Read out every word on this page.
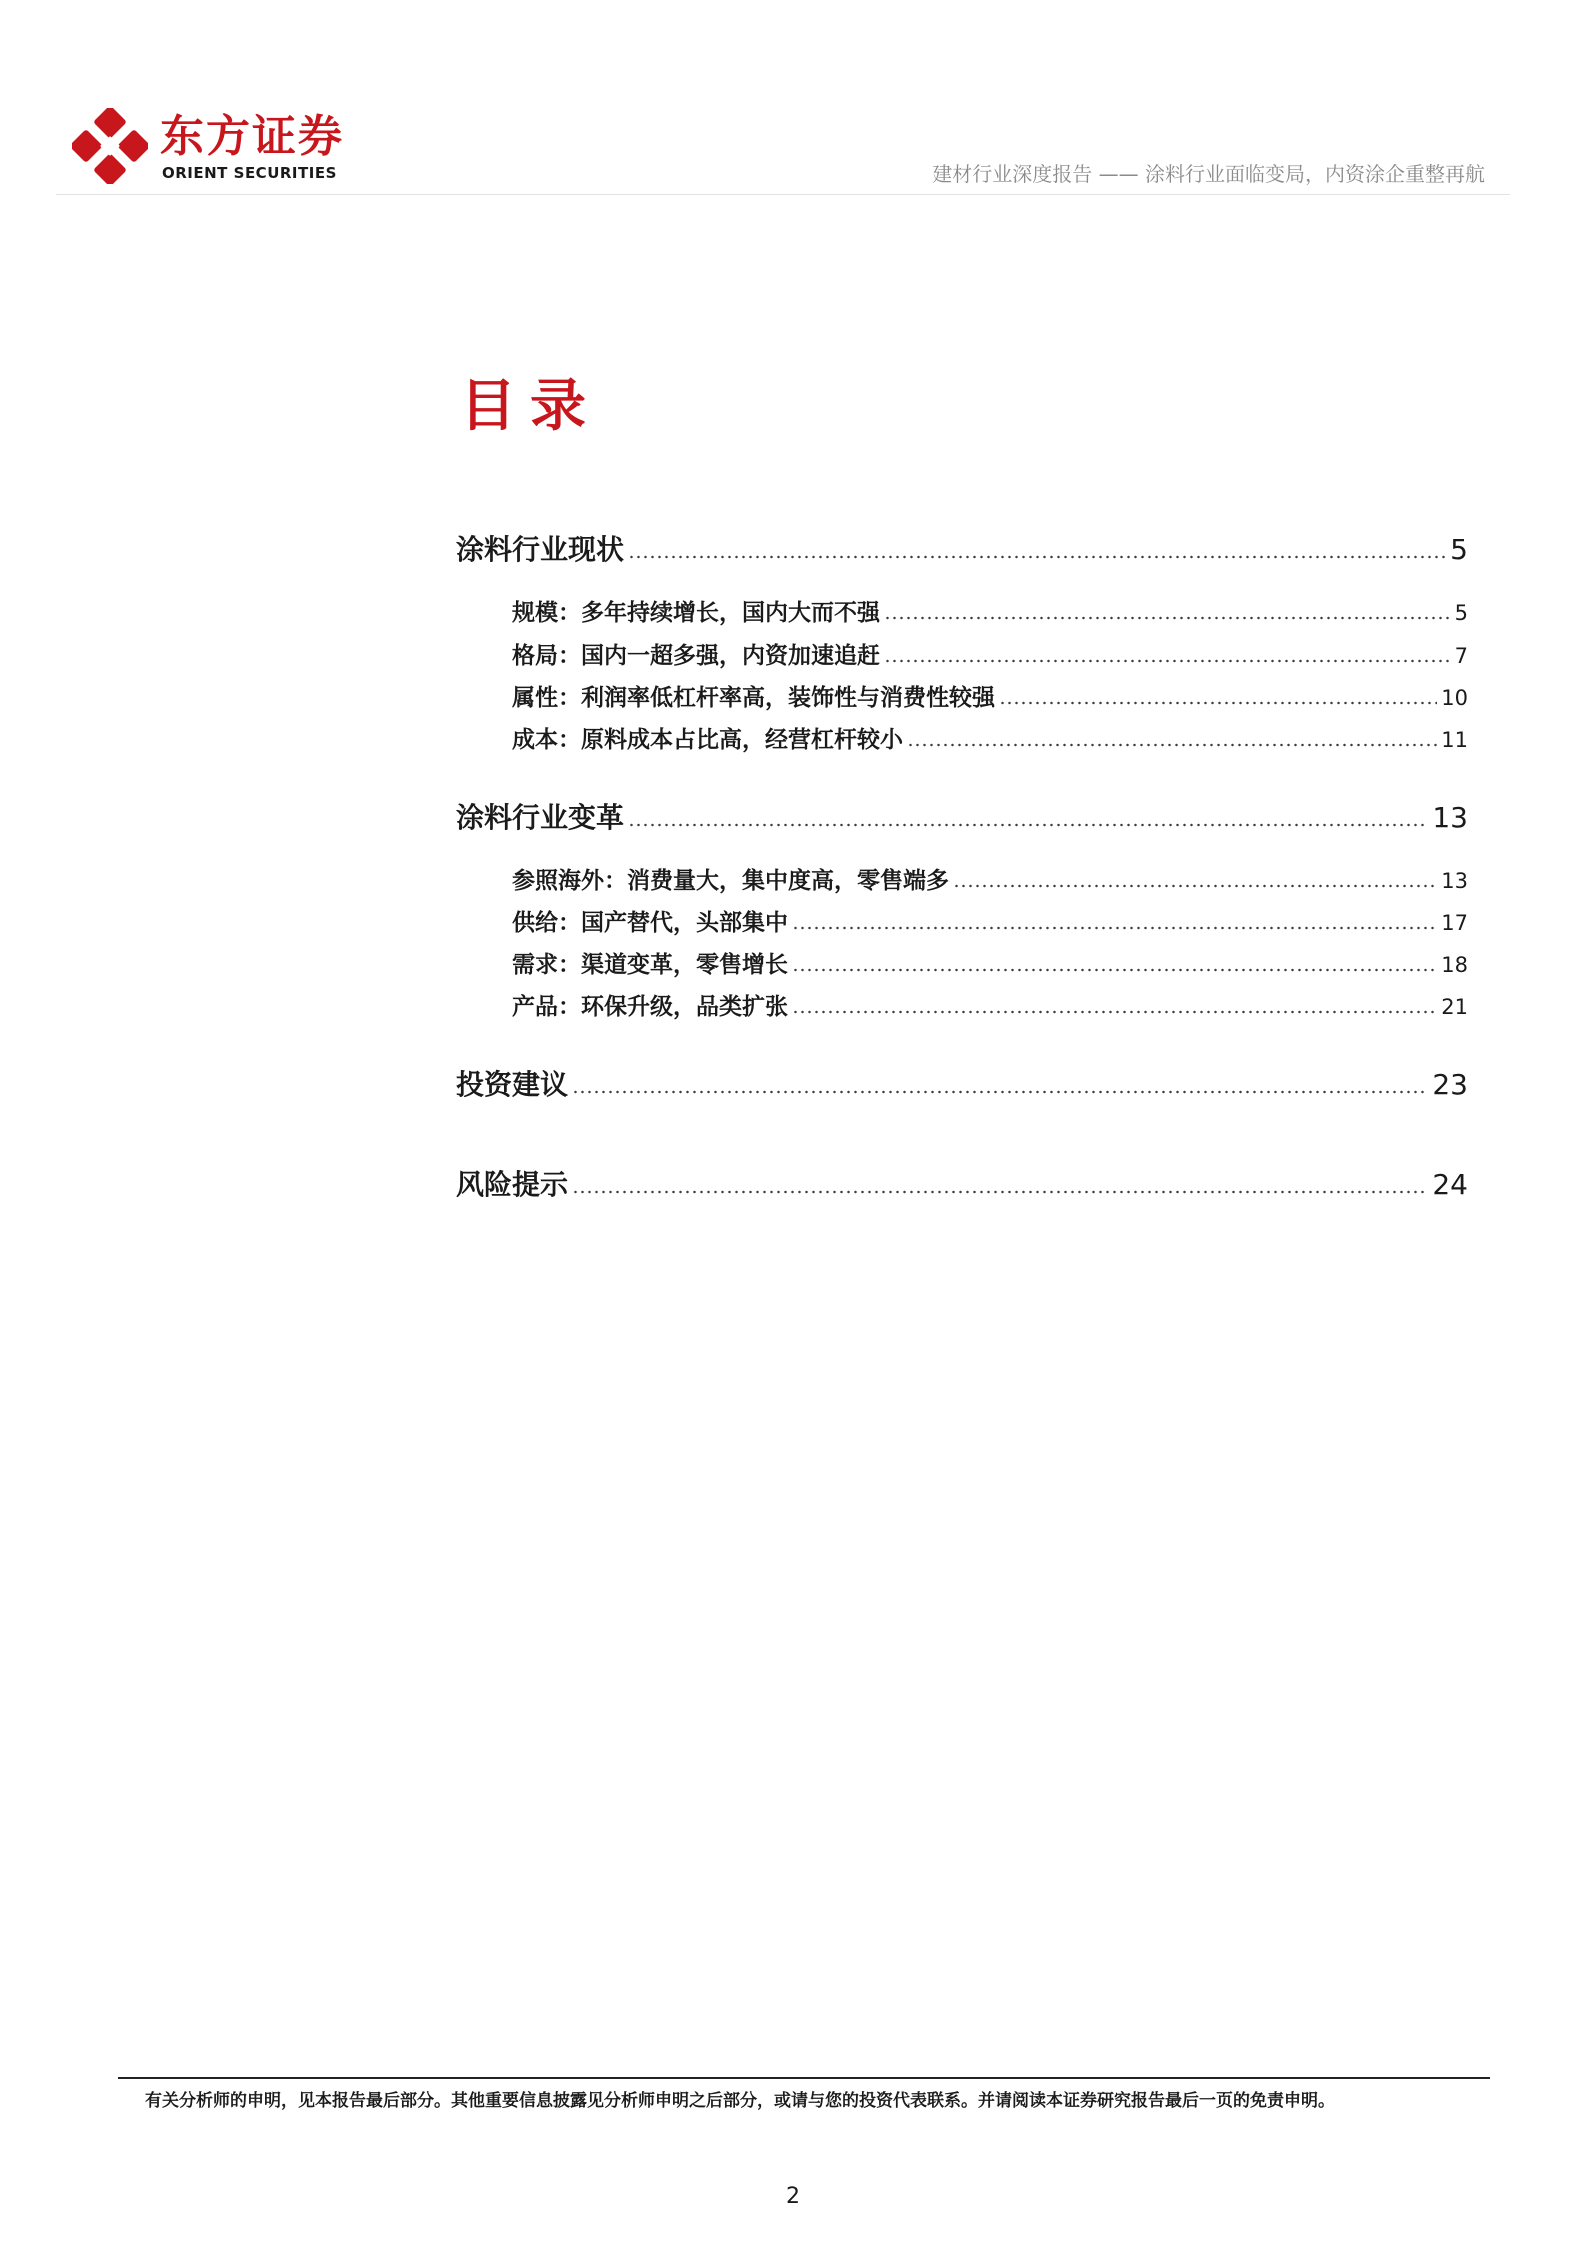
东方证券
ORIENT SECURITIES	建材行业深度报告 —— 涂料行业面临变局，内资涂企重整再航
目录
涂料行业现状	5
规模：多年持续增长，国内大而不强	5
格局：国内一超多强，内资加速追赶	7
属性：利润率低杠杆率高，装饰性与消费性较强	10
成本：原料成本占比高，经营杠杆较小	11
涂料行业变革	13
参照海外：消费量大，集中度高，零售端多	13
供给：国产替代，头部集中	17
需求：渠道变革，零售增长	18
产品：环保升级，品类扩张	21
投资建议	23
风险提示	24
有关分析师的申明，见本报告最后部分。其他重要信息披露见分析师申明之后部分，或请与您的投资代表联系。并请阅读本证券研究报告最后一页的免责申明。
2
